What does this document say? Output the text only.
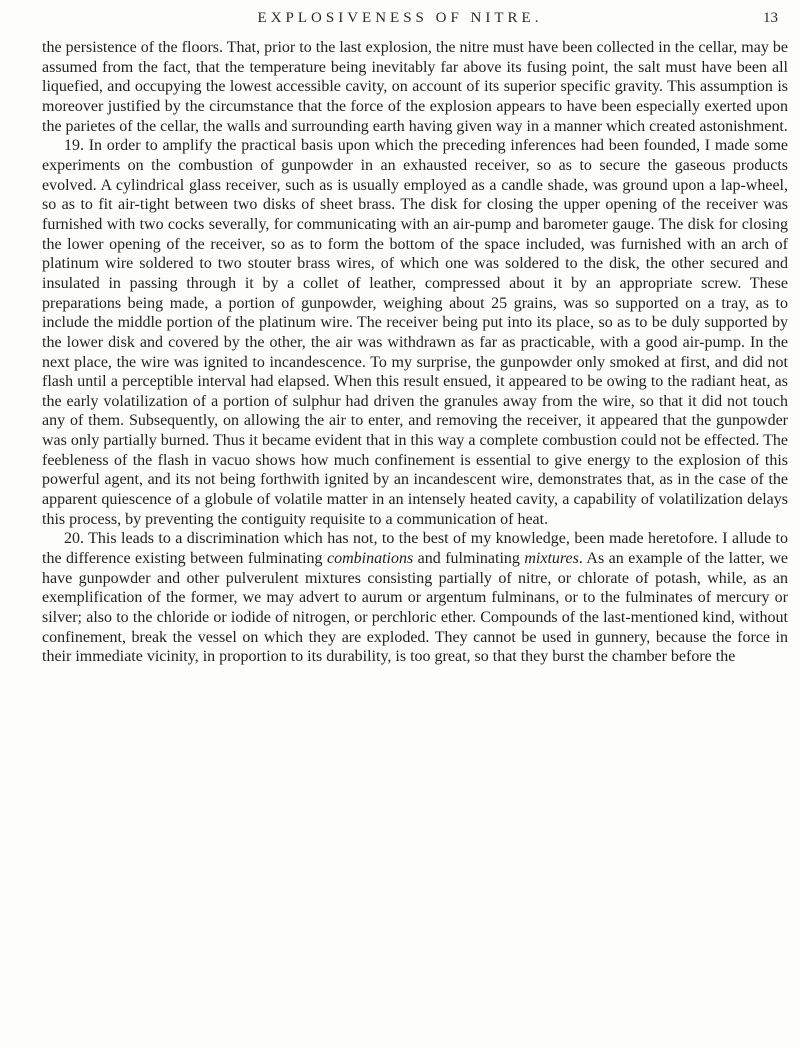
EXPLOSIVENESS OF NITRE.	13

the persistence of the floors. That, prior to the last explosion, the nitre must have been collected in the cellar, may be assumed from the fact, that the temperature being inevitably far above its fusing point, the salt must have been all liquefied, and occupying the lowest accessible cavity, on account of its superior specific gravity. This assumption is moreover justified by the circumstance that the force of the explosion appears to have been especially exerted upon the parietes of the cellar, the walls and surrounding earth having given way in a manner which created astonishment.

19. In order to amplify the practical basis upon which the preceding inferences had been founded, I made some experiments on the combustion of gunpowder in an exhausted receiver, so as to secure the gaseous products evolved. A cylindrical glass receiver, such as is usually employed as a candle shade, was ground upon a lap-wheel, so as to fit air-tight between two disks of sheet brass. The disk for closing the upper opening of the receiver was furnished with two cocks severally, for communicating with an air-pump and barometer gauge. The disk for closing the lower opening of the receiver, so as to form the bottom of the space included, was furnished with an arch of platinum wire soldered to two stouter brass wires, of which one was soldered to the disk, the other secured and insulated in passing through it by a collet of leather, compressed about it by an appropriate screw. These preparations being made, a portion of gunpowder, weighing about 25 grains, was so supported on a tray, as to include the middle portion of the platinum wire. The receiver being put into its place, so as to be duly supported by the lower disk and covered by the other, the air was withdrawn as far as practicable, with a good air-pump. In the next place, the wire was ignited to incandescence. To my surprise, the gunpowder only smoked at first, and did not flash until a perceptible interval had elapsed. When this result ensued, it appeared to be owing to the radiant heat, as the early volatilization of a portion of sulphur had driven the granules away from the wire, so that it did not touch any of them. Subsequently, on allowing the air to enter, and removing the receiver, it appeared that the gunpowder was only partially burned. Thus it became evident that in this way a complete combustion could not be effected. The feebleness of the flash in vacuo shows how much confinement is essential to give energy to the explosion of this powerful agent, and its not being forthwith ignited by an incandescent wire, demonstrates that, as in the case of the apparent quiescence of a globule of volatile matter in an intensely heated cavity, a capability of volatilization delays this process, by preventing the contiguity requisite to a communication of heat.

20. This leads to a discrimination which has not, to the best of my knowledge, been made heretofore. I allude to the difference existing between fulminating combinations and fulminating mixtures. As an example of the latter, we have gunpowder and other pulverulent mixtures consisting partially of nitre, or chlorate of potash, while, as an exemplification of the former, we may advert to aurum or argentum fulminans, or to the fulminates of mercury or silver; also to the chloride or iodide of nitrogen, or perchloric ether. Compounds of the last-mentioned kind, without confinement, break the vessel on which they are exploded. They cannot be used in gunnery, because the force in their immediate vicinity, in proportion to its durability, is too great, so that they burst the chamber before the
